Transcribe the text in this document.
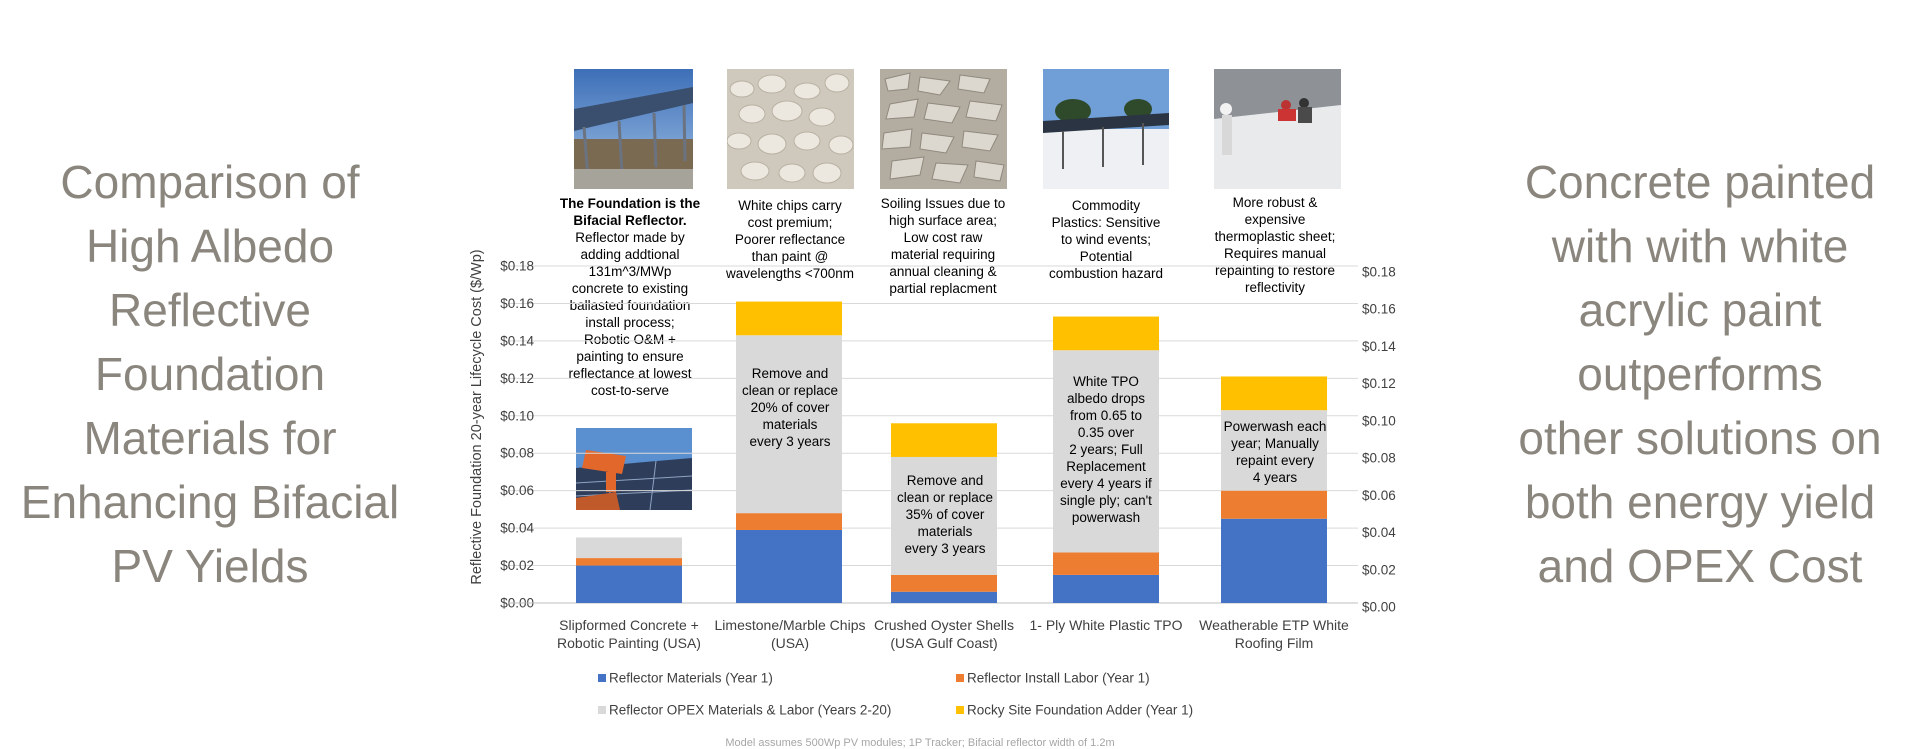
Comparison of
High Albedo
Reflective
Foundation
Materials for
Enhancing Bifacial
PV Yields
Concrete painted
with with white
acrylic paint
outperforms
other solutions on
both energy yield
and OPEX Cost
The Foundation is the
Bifacial Reflector.
Reflector made by
adding addtional
131m^3/MWp
concrete to existing
ballasted foundation
install process;
Robotic O&M +
painting to ensure
reflectance at lowest
cost-to-serve
White chips carry
cost premium;
Poorer reflectance
than paint @
wavelengths <700nm
Soiling Issues due to
high surface area;
Low cost raw
material requiring
annual cleaning &
partial replacment
Commodity
Plastics: Sensitive
to wind events;
Potential
combustion hazard
More robust &
expensive
thermoplastic sheet;
Requires manual
repainting to restore
reflectivity
$0.00	$0.00
$0.02	$0.02
$0.04	$0.04
$0.06	$0.06
$0.08	$0.08
$0.10	$0.10
$0.12	$0.12
$0.14	$0.14
$0.16	$0.16
$0.18	$0.18
Reflective Foundation 20-year Lifecycle Cost ($/Wp)
Reflector Materials (Year 1)	Reflector Install Labor (Year 1)
Reflector OPEX Materials & Labor (Years 2-20)	Rocky Site Foundation Adder (Year 1)
Remove and
clean or replace
20% of cover
materials
every 3 years
Remove and
clean or replace
35% of cover
materials
every 3 years
White TPO
albedo drops
from 0.65 to
0.35 over
2 years; Full
Replacement
every 4 years if
single ply; can't
powerwash
Powerwash each
year; Manually
repaint every
4 years
Slipformed Concrete +
Robotic Painting (USA)
Limestone/Marble Chips
(USA)
Crushed Oyster Shells
(USA Gulf Coast)
1- Ply White Plastic TPO	Weatherable ETP White
Roofing Film
Model assumes 500Wp PV modules; 1P Tracker; Bifacial reflector width of 1.2m
